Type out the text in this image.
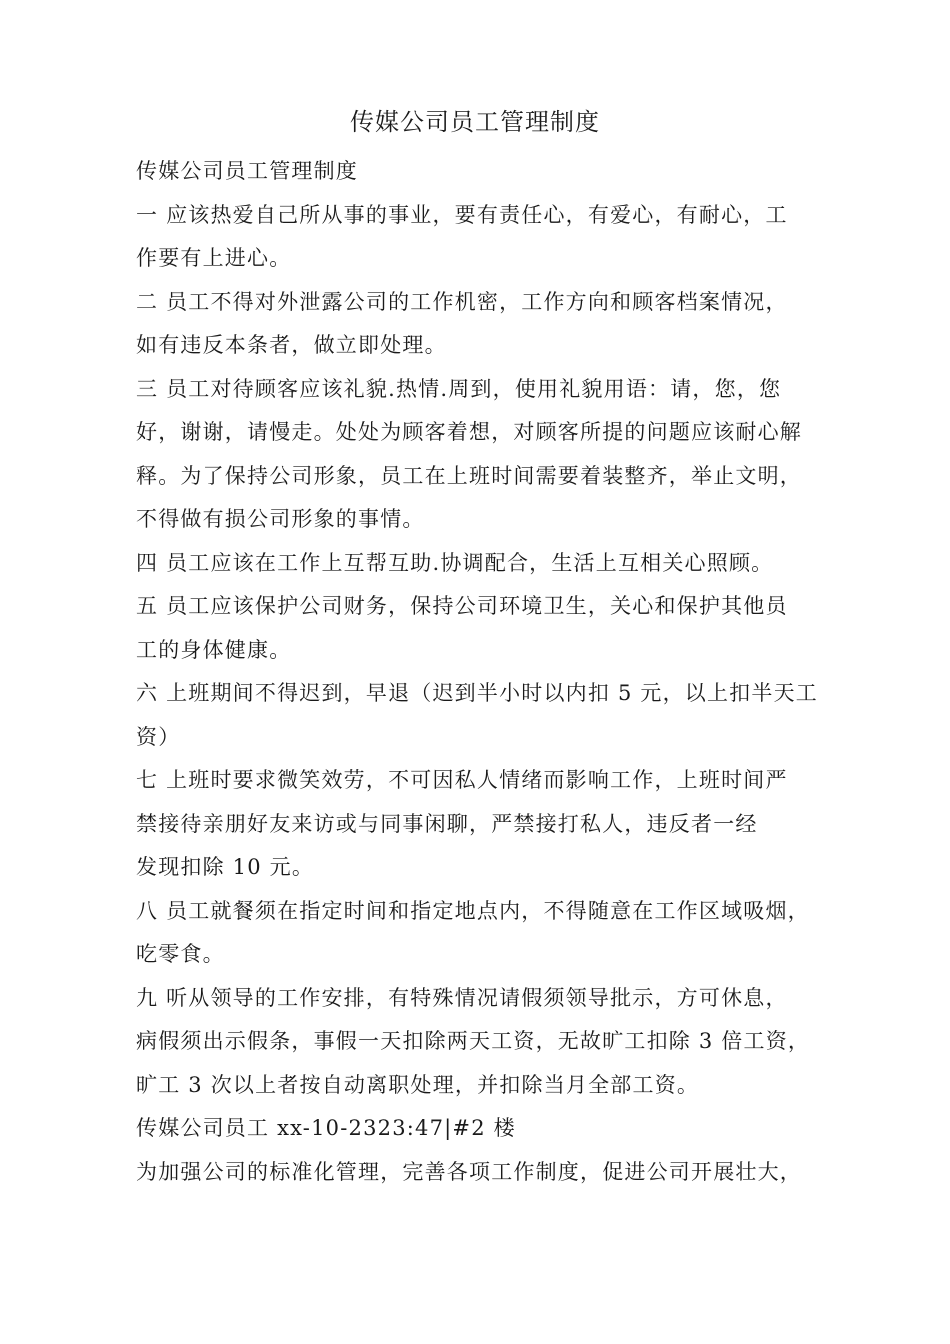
传媒公司员工管理制度
传媒公司员工管理制度
一 应该热爱自己所从事的事业，要有责任心，有爱心，有耐心，工
作要有上进心。
二 员工不得对外泄露公司的工作机密，工作方向和顾客档案情况，
如有违反本条者，做立即处理。
三 员工对待顾客应该礼貌.热情.周到，使用礼貌用语：请，您，您
好，谢谢，请慢走。处处为顾客着想，对顾客所提的问题应该耐心解
释。为了保持公司形象，员工在上班时间需要着装整齐，举止文明，
不得做有损公司形象的事情。
四 员工应该在工作上互帮互助.协调配合，生活上互相关心照顾。
五 员工应该保护公司财务，保持公司环境卫生，关心和保护其他员
工的身体健康。
六 上班期间不得迟到，早退（迟到半小时以内扣 5 元，以上扣半天工
资）
七 上班时要求微笑效劳，不可因私人情绪而影响工作，上班时间严
禁接待亲朋好友来访或与同事闲聊，严禁接打私人，违反者一经
发现扣除 10 元。
八 员工就餐须在指定时间和指定地点内，不得随意在工作区域吸烟，
吃零食。
九 听从领导的工作安排，有特殊情况请假须领导批示，方可休息，
病假须出示假条，事假一天扣除两天工资，无故旷工扣除 3 倍工资，
旷工 3 次以上者按自动离职处理，并扣除当月全部工资。
传媒公司员工 xx-10-2323:47|#2 楼
为加强公司的标准化管理，完善各项工作制度，促进公司开展壮大，
